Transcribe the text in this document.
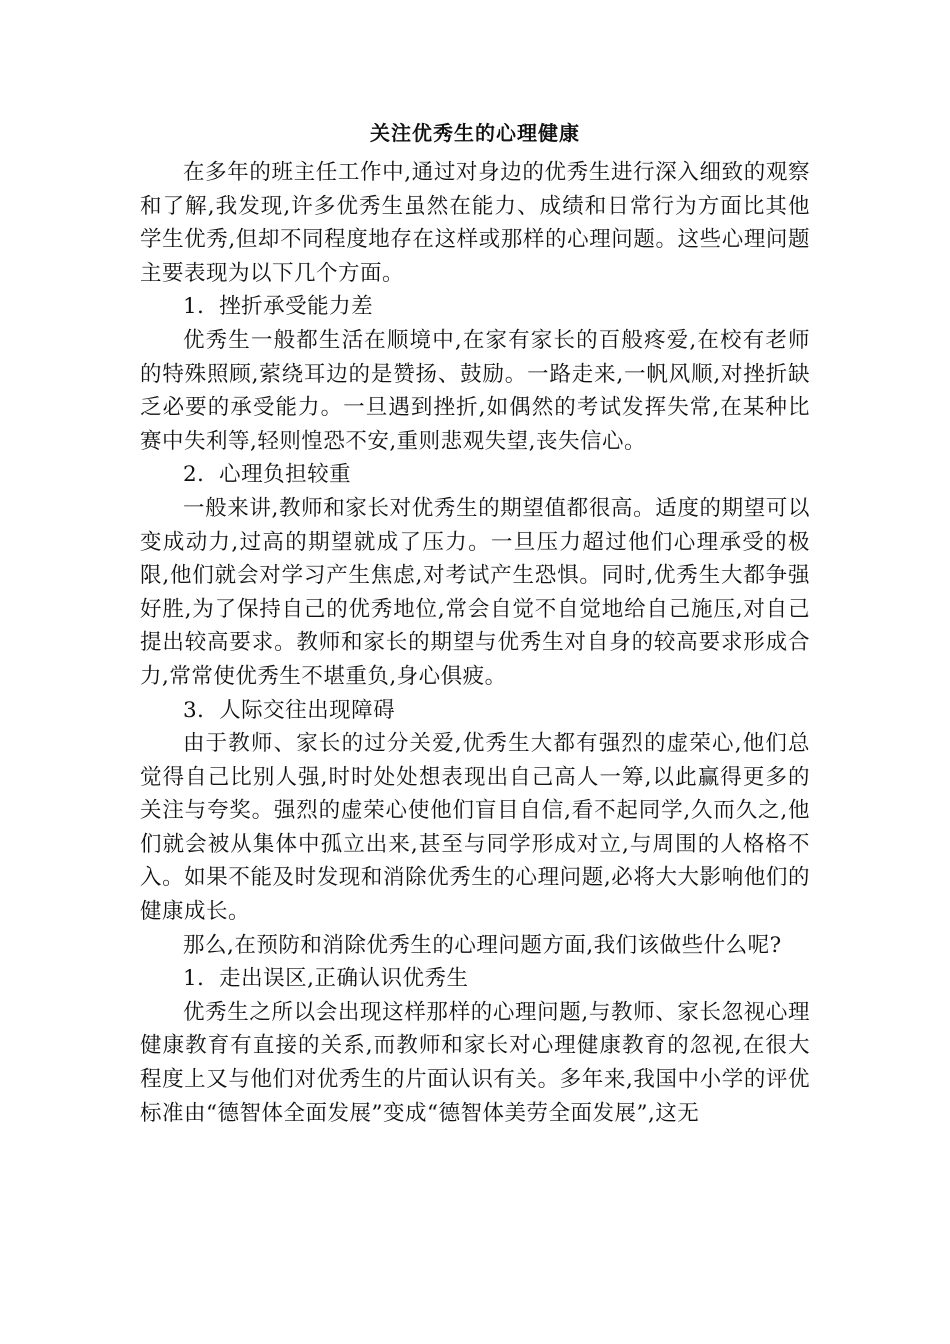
关注优秀生的心理健康

在多年的班主任工作中,通过对身边的优秀生进行深入细致的观察和了解,我发现,许多优秀生虽然在能力、成绩和日常行为方面比其他学生优秀,但却不同程度地存在这样或那样的心理问题。这些心理问题主要表现为以下几个方面。

1．挫折承受能力差

优秀生一般都生活在顺境中,在家有家长的百般疼爱,在校有老师的特殊照顾,萦绕耳边的是赞扬、鼓励。一路走来,一帆风顺,对挫折缺乏必要的承受能力。一旦遇到挫折,如偶然的考试发挥失常,在某种比赛中失利等,轻则惶恐不安,重则悲观失望,丧失信心。

2．心理负担较重

一般来讲,教师和家长对优秀生的期望值都很高。适度的期望可以变成动力,过高的期望就成了压力。一旦压力超过他们心理承受的极限,他们就会对学习产生焦虑,对考试产生恐惧。同时,优秀生大都争强好胜,为了保持自己的优秀地位,常会自觉不自觉地给自己施压,对自己提出较高要求。教师和家长的期望与优秀生对自身的较高要求形成合力,常常使优秀生不堪重负,身心俱疲。

3．人际交往出现障碍

由于教师、家长的过分关爱,优秀生大都有强烈的虚荣心,他们总觉得自己比别人强,时时处处想表现出自己高人一筹,以此赢得更多的关注与夸奖。强烈的虚荣心使他们盲目自信,看不起同学,久而久之,他们就会被从集体中孤立出来,甚至与同学形成对立,与周围的人格格不入。如果不能及时发现和消除优秀生的心理问题,必将大大影响他们的健康成长。

那么,在预防和消除优秀生的心理问题方面,我们该做些什么呢?

1．走出误区,正确认识优秀生

优秀生之所以会出现这样那样的心理问题,与教师、家长忽视心理健康教育有直接的关系,而教师和家长对心理健康教育的忽视,在很大程度上又与他们对优秀生的片面认识有关。多年来,我国中小学的评优标准由“德智体全面发展”变成“德智体美劳全面发展”,这无
